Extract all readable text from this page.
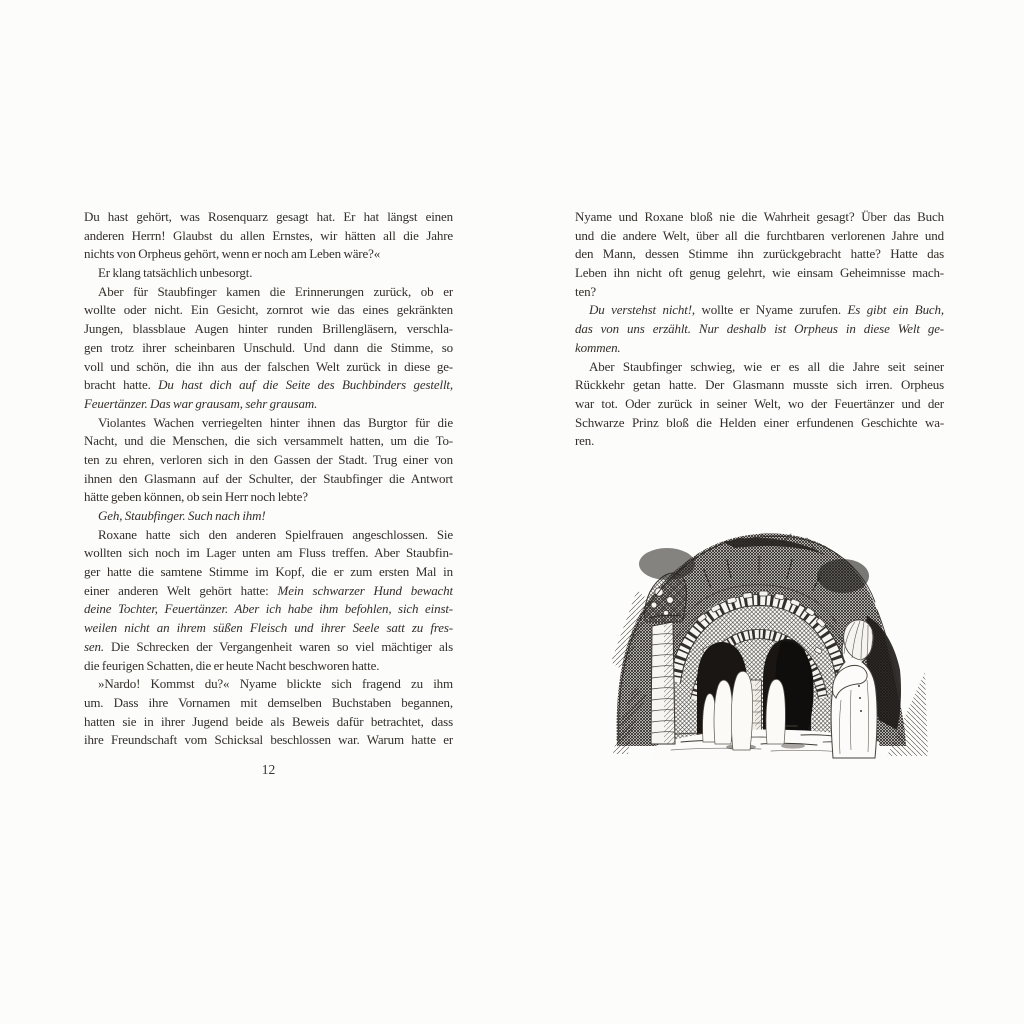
Du hast gehört, was Rosenquarz gesagt hat. Er hat längst einen
anderen Herrn! Glaubst du allen Ernstes, wir hätten all die Jahre
nichts von Orpheus gehört, wenn er noch am Leben wäre?«
Er klang tatsächlich unbesorgt.
Aber für Staubfinger kamen die Erinnerungen zurück, ob er
wollte oder nicht. Ein Gesicht, zornrot wie das eines gekränkten
Jungen, blassblaue Augen hinter runden Brillengläsern, verschla-
gen trotz ihrer scheinbaren Unschuld. Und dann die Stimme, so
voll und schön, die ihn aus der falschen Welt zurück in diese ge-
bracht hatte. Du hast dich auf die Seite des Buchbinders gestellt,
Feuertänzer. Das war grausam, sehr grausam.
Violantes Wachen verriegelten hinter ihnen das Burgtor für die
Nacht, und die Menschen, die sich versammelt hatten, um die To-
ten zu ehren, verloren sich in den Gassen der Stadt. Trug einer von
ihnen den Glasmann auf der Schulter, der Staubfinger die Antwort
hätte geben können, ob sein Herr noch lebte?
Geh, Staubfinger. Such nach ihm!
Roxane hatte sich den anderen Spielfrauen angeschlossen. Sie
wollten sich noch im Lager unten am Fluss treffen. Aber Staubfin-
ger hatte die samtene Stimme im Kopf, die er zum ersten Mal in
einer anderen Welt gehört hatte: Mein schwarzer Hund bewacht
deine Tochter, Feuertänzer. Aber ich habe ihm befohlen, sich einst-
weilen nicht an ihrem süßen Fleisch und ihrer Seele satt zu fres-
sen. Die Schrecken der Vergangenheit waren so viel mächtiger als
die feurigen Schatten, die er heute Nacht beschworen hatte.
»Nardo! Kommst du?« Nyame blickte sich fragend zu ihm
um. Dass ihre Vornamen mit demselben Buchstaben begannen,
hatten sie in ihrer Jugend beide als Beweis dafür betrachtet, dass
ihre Freundschaft vom Schicksal beschlossen war. Warum hatte er
12
Nyame und Roxane bloß nie die Wahrheit gesagt? Über das Buch
und die andere Welt, über all die furchtbaren verlorenen Jahre und
den Mann, dessen Stimme ihn zurückgebracht hatte? Hatte das
Leben ihn nicht oft genug gelehrt, wie einsam Geheimnisse mach-
ten?
Du verstehst nicht!, wollte er Nyame zurufen. Es gibt ein Buch,
das von uns erzählt. Nur deshalb ist Orpheus in diese Welt ge-
kommen.
Aber Staubfinger schwieg, wie er es all die Jahre seit seiner
Rückkehr getan hatte. Der Glasmann musste sich irren. Orpheus
war tot. Oder zurück in seiner Welt, wo der Feuertänzer und der
Schwarze Prinz bloß die Helden einer erfundenen Geschichte wa-
ren.
